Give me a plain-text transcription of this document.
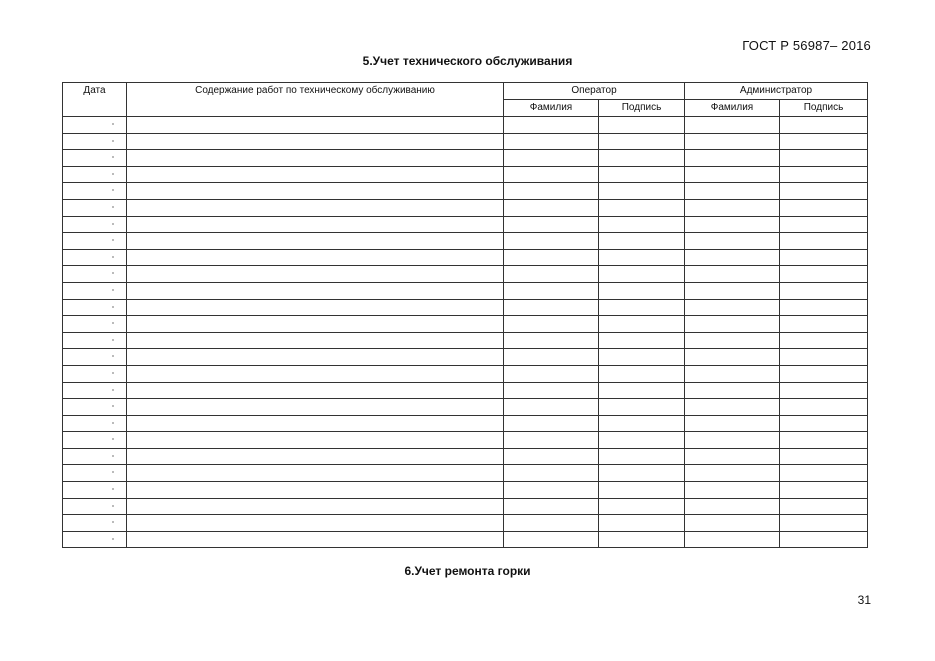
ГОСТ Р 56987– 2016
5.Учет технического обслуживания
Дата	Содержание работ по техническому обслуживанию	Оператор		Администратор	
		Фамилия	Подпись	Фамилия	Подпись

6.Учет ремонта горки
31
